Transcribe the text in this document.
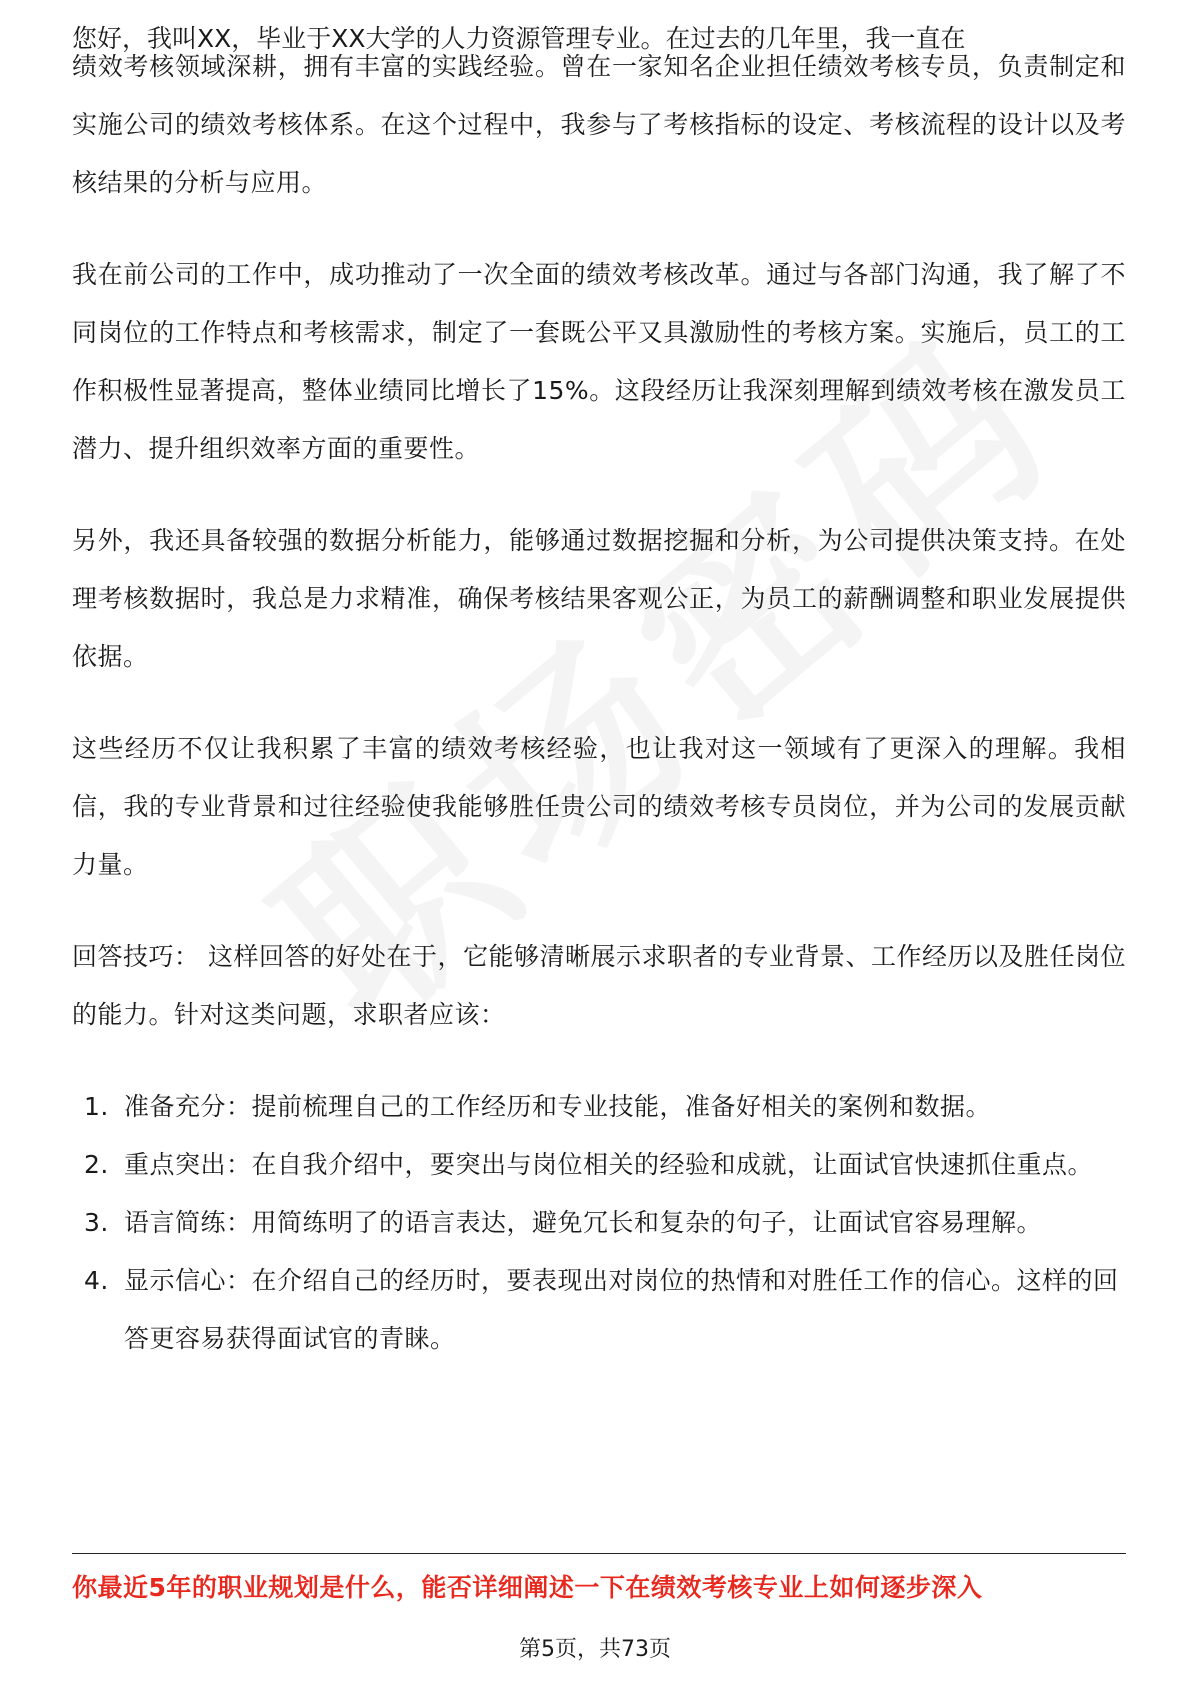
您好，我叫XX，毕业于XX大学的人力资源管理专业。在过去的几年里，我一直在

绩效考核领域深耕，拥有丰富的实践经验。曾在一家知名企业担任绩效考核专员，负责制定和实施公司的绩效考核体系。在这个过程中，我参与了考核指标的设定、考核流程的设计以及考核结果的分析与应用。

我在前公司的工作中，成功推动了一次全面的绩效考核改革。通过与各部门沟通，我了解了不同岗位的工作特点和考核需求，制定了一套既公平又具激励性的考核方案。实施后，员工的工作积极性显著提高，整体业绩同比增长了15%。这段经历让我深刻理解到绩效考核在激发员工潜力、提升组织效率方面的重要性。

另外，我还具备较强的数据分析能力，能够通过数据挖掘和分析，为公司提供决策支持。在处理考核数据时，我总是力求精准，确保考核结果客观公正，为员工的薪酬调整和职业发展提供依据。

这些经历不仅让我积累了丰富的绩效考核经验，也让我对这一领域有了更深入的理解。我相信，我的专业背景和过往经验使我能够胜任贵公司的绩效考核专员岗位，并为公司的发展贡献力量。

回答技巧： 这样回答的好处在于，它能够清晰展示求职者的专业背景、工作经历以及胜任岗位的能力。针对这类问题，求职者应该：

1. 准备充分：提前梳理自己的工作经历和专业技能，准备好相关的案例和数据。
2. 重点突出：在自我介绍中，要突出与岗位相关的经验和成就，让面试官快速抓住重点。
3. 语言简练：用简练明了的语言表达，避免冗长和复杂的句子，让面试官容易理解。
4. 显示信心：在介绍自己的经历时，要表现出对岗位的热情和对胜任工作的信心。这样的回答更容易获得面试官的青睐。
你最近5年的职业规划是什么，能否详细阐述一下在绩效考核专业上如何逐步深入
第5页，共73页
